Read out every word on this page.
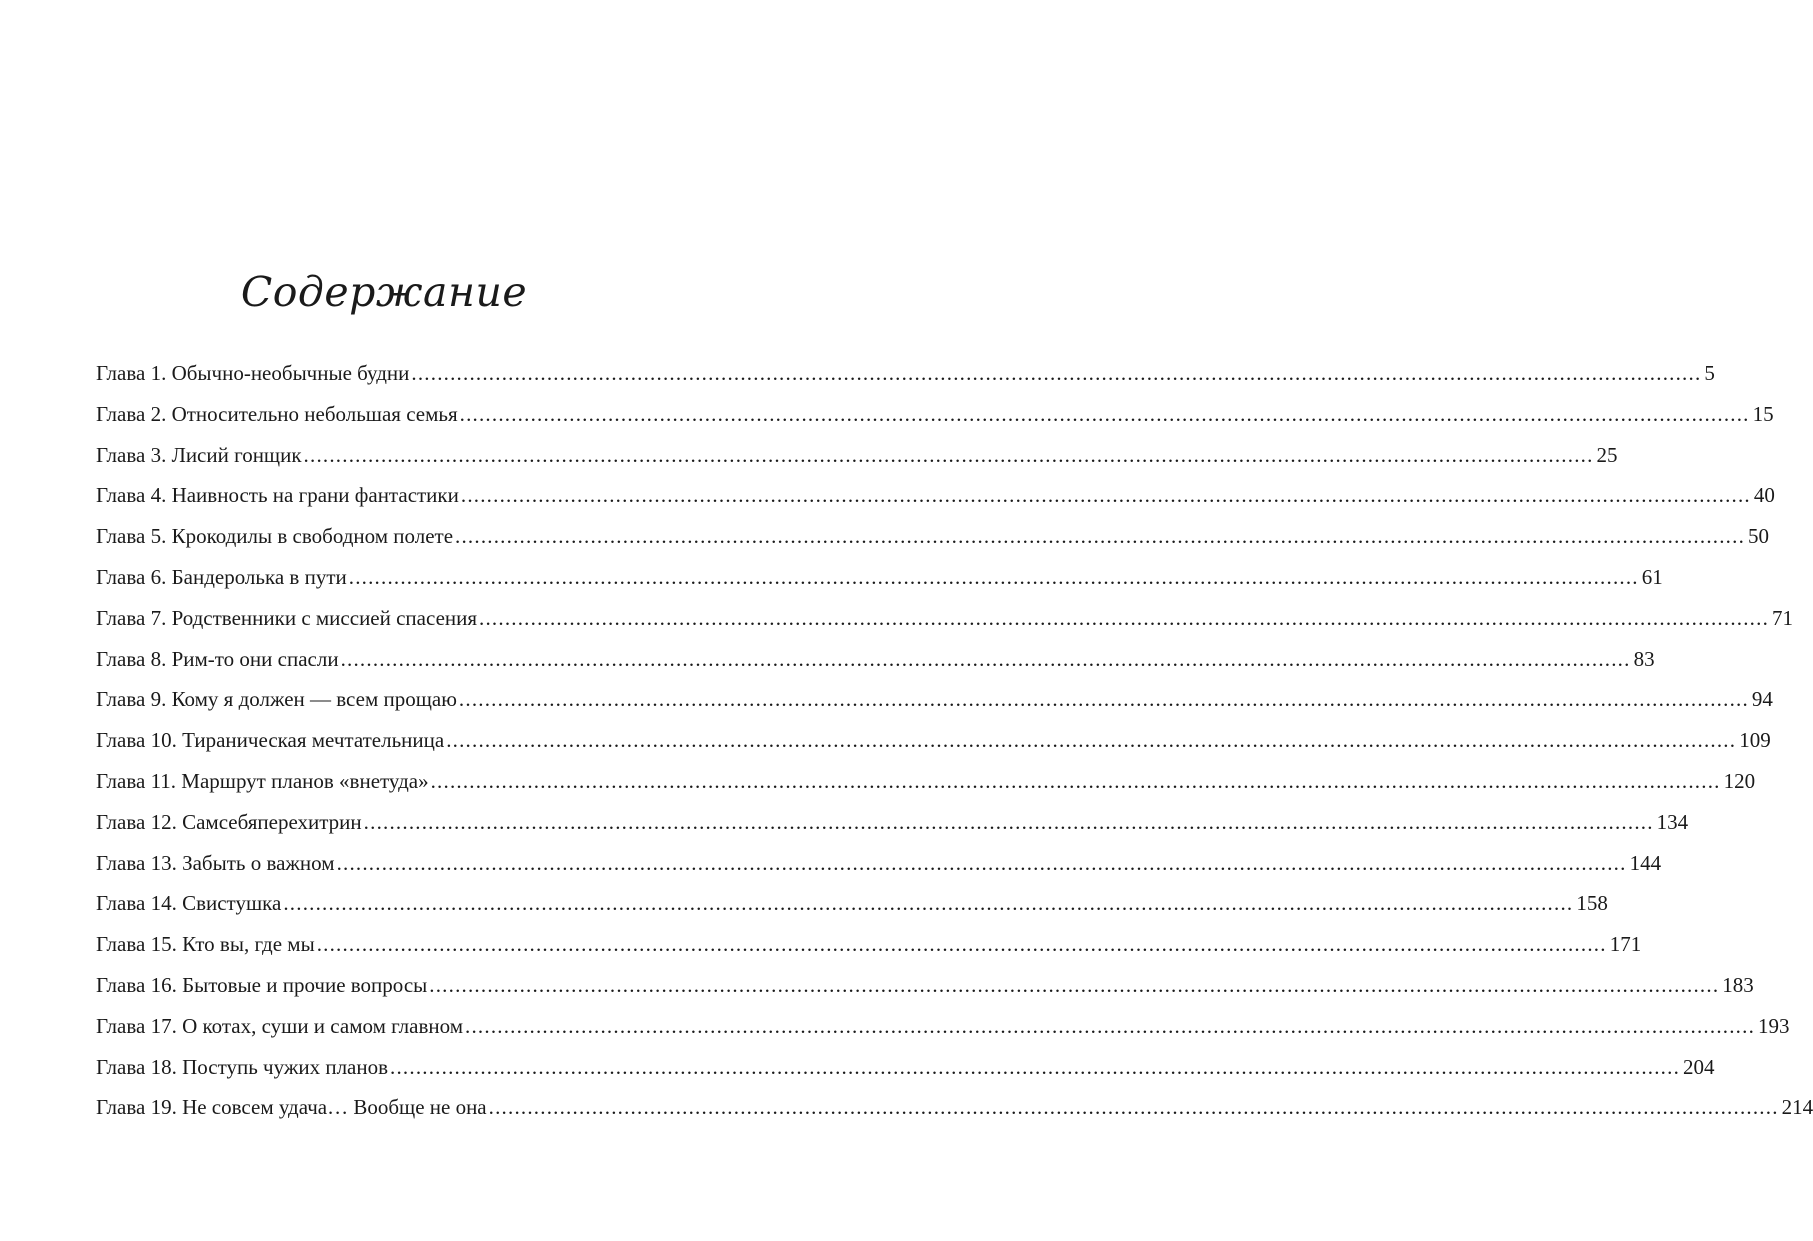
Содержание
Глава 1. Обычно-необычные будни ........................................................................................................................................................................................................ 5
Глава 2. Относительно небольшая семья ........................................................................................................................................................................................................ 15
Глава 3. Лисий гонщик ........................................................................................................................................................................................................ 25
Глава 4. Наивность на грани фантастики ........................................................................................................................................................................................................ 40
Глава 5. Крокодилы в свободном полете ........................................................................................................................................................................................................ 50
Глава 6. Бандеролька в пути ........................................................................................................................................................................................................ 61
Глава 7. Родственники с миссией спасения ........................................................................................................................................................................................................ 71
Глава 8. Рим-то они спасли ........................................................................................................................................................................................................ 83
Глава 9. Кому я должен — всем прощаю ........................................................................................................................................................................................................ 94
Глава 10. Тираническая мечтательница ........................................................................................................................................................................................................ 109
Глава 11. Маршрут планов «внетуда» ........................................................................................................................................................................................................ 120
Глава 12. Самсебяперехитрин ........................................................................................................................................................................................................ 134
Глава 13. Забыть о важном ........................................................................................................................................................................................................ 144
Глава 14. Свистушка ........................................................................................................................................................................................................ 158
Глава 15. Кто вы, где мы ........................................................................................................................................................................................................ 171
Глава 16. Бытовые и прочие вопросы ........................................................................................................................................................................................................ 183
Глава 17. О котах, суши и самом главном ........................................................................................................................................................................................................ 193
Глава 18. Поступь чужих планов ........................................................................................................................................................................................................ 204
Глава 19. Не совсем удача… Вообще не она ........................................................................................................................................................................................................ 214
